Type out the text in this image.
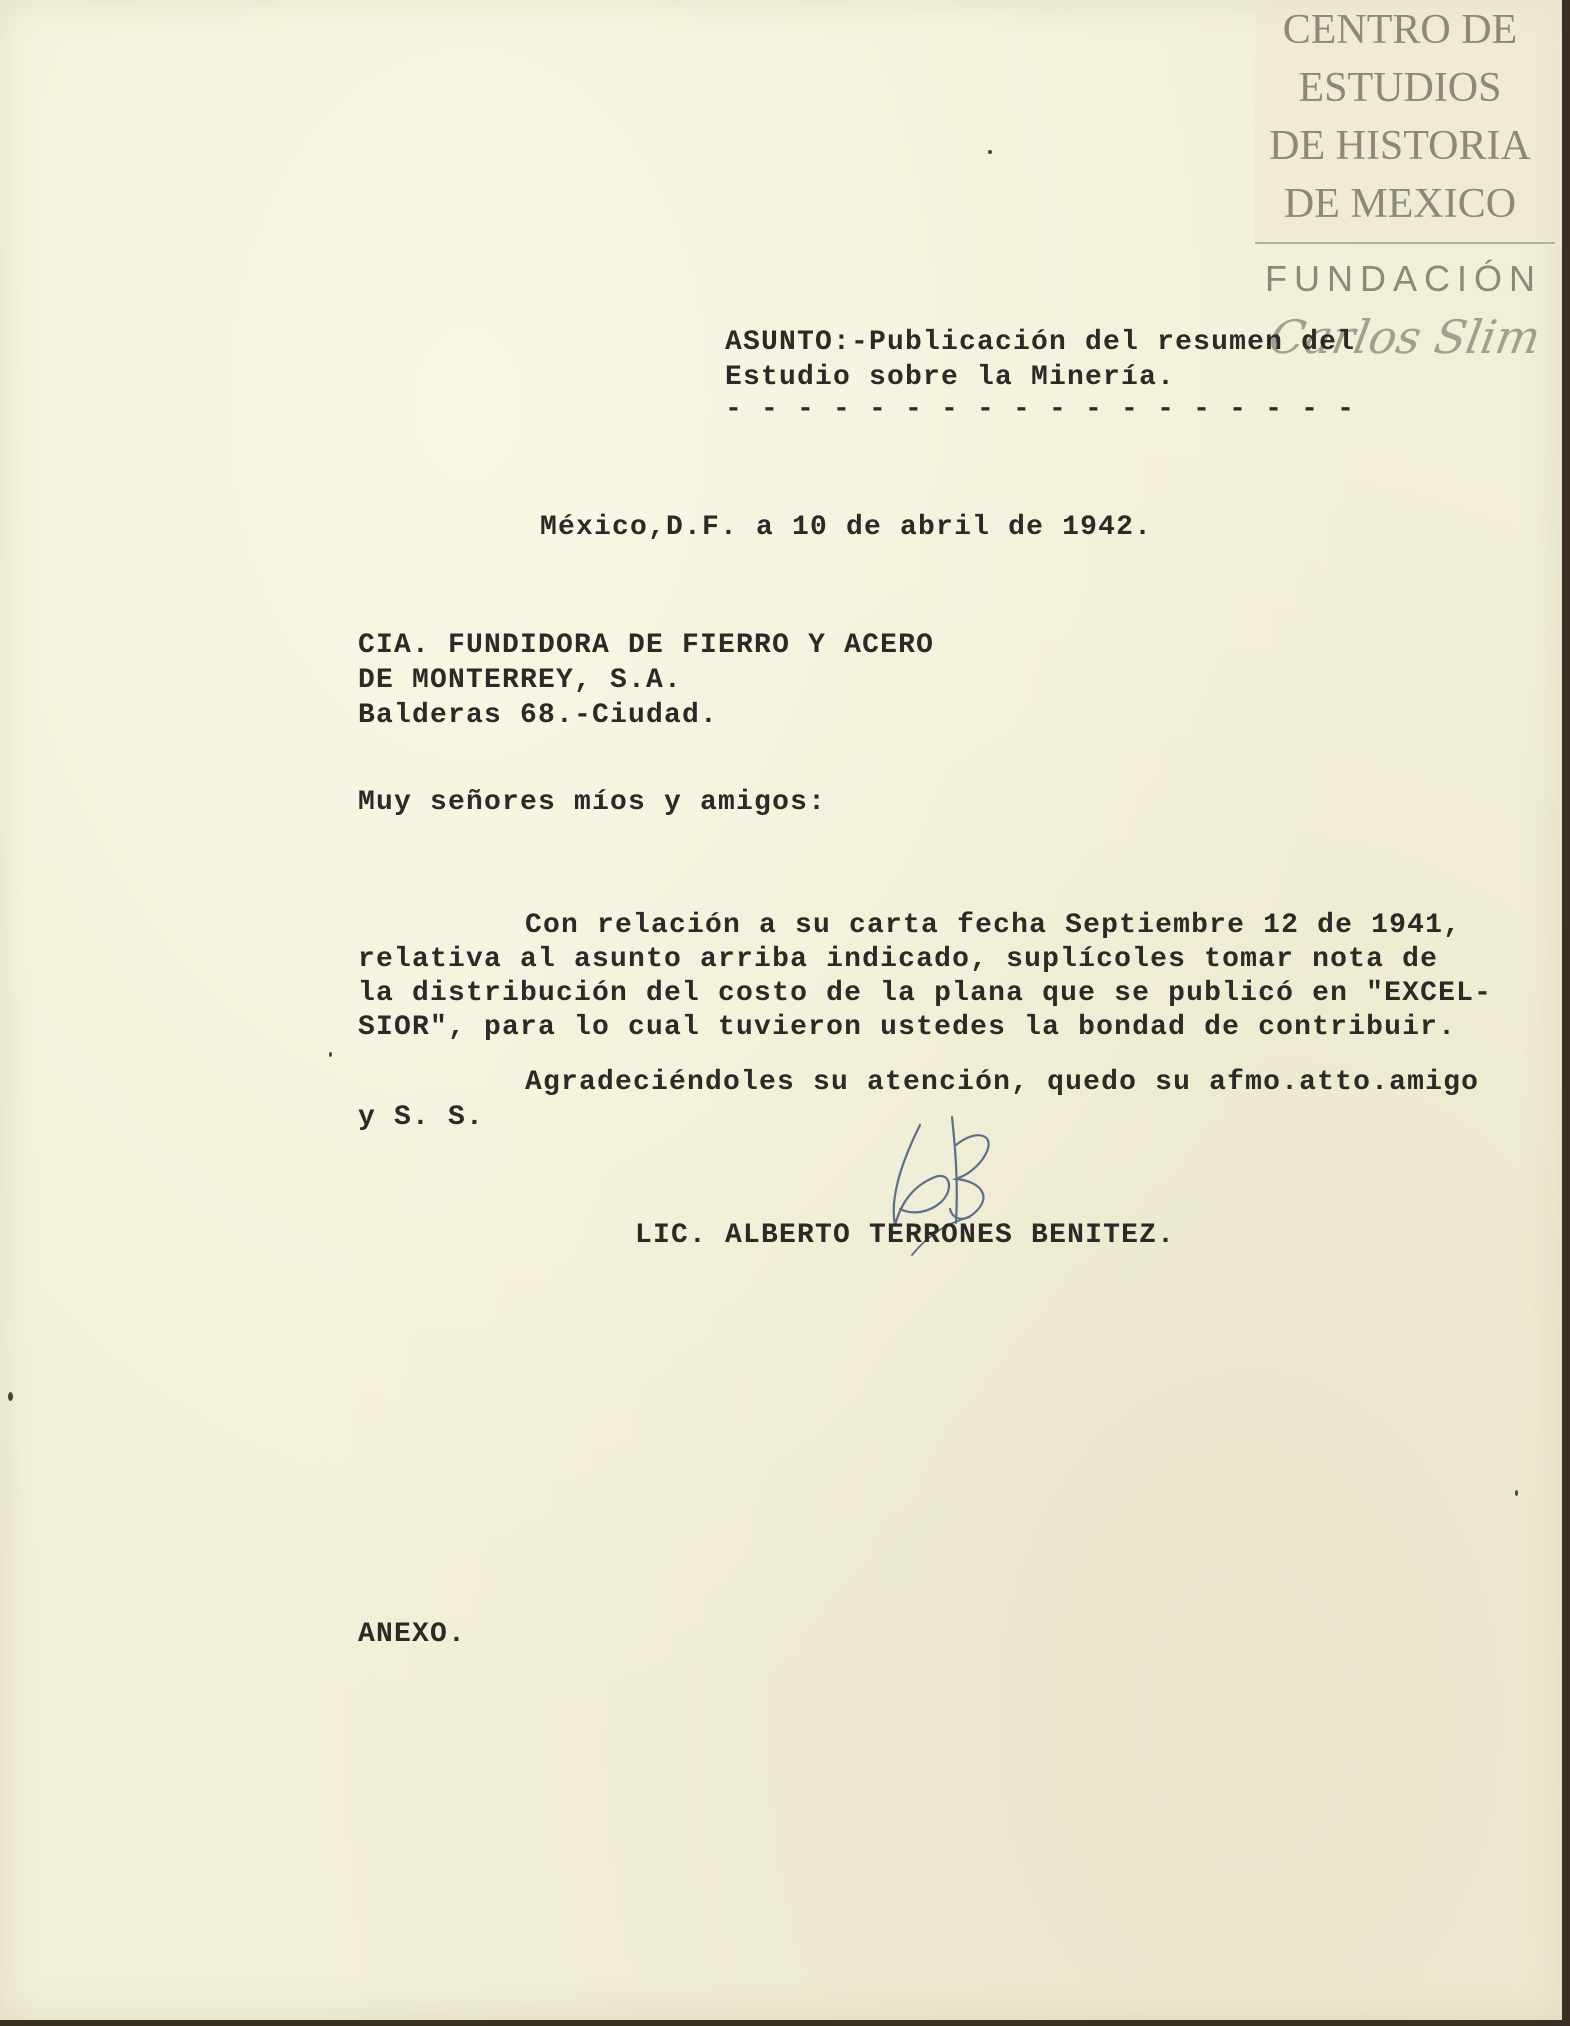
CENTRO DE
ESTUDIOS
DE HISTORIA
DE MEXICO
FUNDACIÓN
Carlos Slim

ASUNTO:-Publicación del resumen del

Estudio sobre la Minería.

- - - - - - - - - - - - - - - - - -

México,D.F. a 10 de abril de 1942.

CIA. FUNDIDORA DE FIERRO Y ACERO

DE MONTERREY, S.A.

Balderas 68.-Ciudad.

Muy señores míos y amigos:

Con relación a su carta fecha Septiembre 12 de 1941,

relativa al asunto arriba indicado, suplícoles tomar nota de

la distribución del costo de la plana que se publicó en "EXCEL-

SIOR", para lo cual tuvieron ustedes la bondad de contribuir.

Agradeciéndoles su atención, quedo su afmo.atto.amigo

y S. S.

LIC. ALBERTO TERRONES BENITEZ.

ANEXO.
